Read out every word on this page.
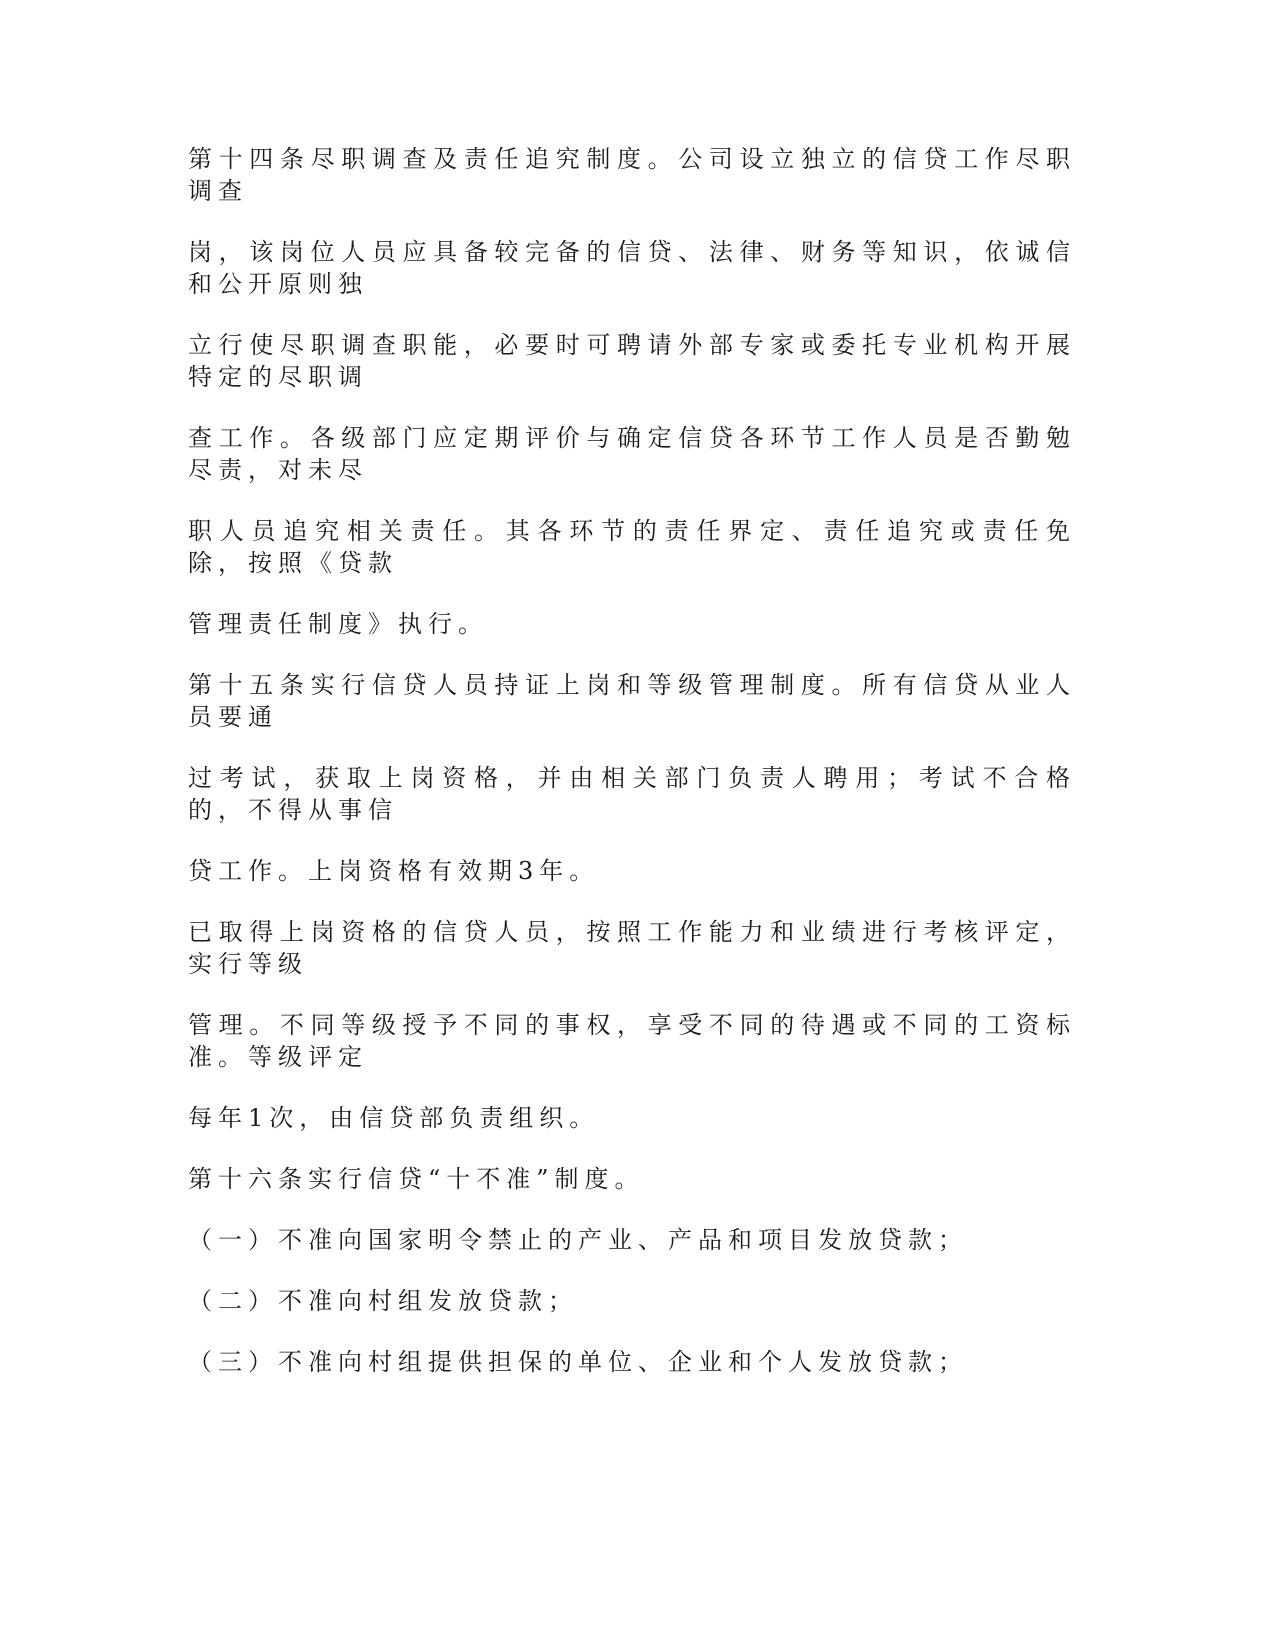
第十四条尽职调查及责任追究制度。公司设立独立的信贷工作尽职调查

岗，该岗位人员应具备较完备的信贷、法律、财务等知识，依诚信和公开原则独

立行使尽职调查职能，必要时可聘请外部专家或委托专业机构开展特定的尽职调

查工作。各级部门应定期评价与确定信贷各环节工作人员是否勤勉尽责，对未尽

职人员追究相关责任。其各环节的责任界定、责任追究或责任免除，按照《贷款

管理责任制度》执行。

第十五条实行信贷人员持证上岗和等级管理制度。所有信贷从业人员要通

过考试，获取上岗资格，并由相关部门负责人聘用；考试不合格的，不得从事信

贷工作。上岗资格有效期3年。

已取得上岗资格的信贷人员，按照工作能力和业绩进行考核评定，实行等级

管理。不同等级授予不同的事权，享受不同的待遇或不同的工资标准。等级评定

每年1次，由信贷部负责组织。

第十六条实行信贷“十不准”制度。

（一）不准向国家明令禁止的产业、产品和项目发放贷款；

（二）不准向村组发放贷款；

（三）不准向村组提供担保的单位、企业和个人发放贷款；
